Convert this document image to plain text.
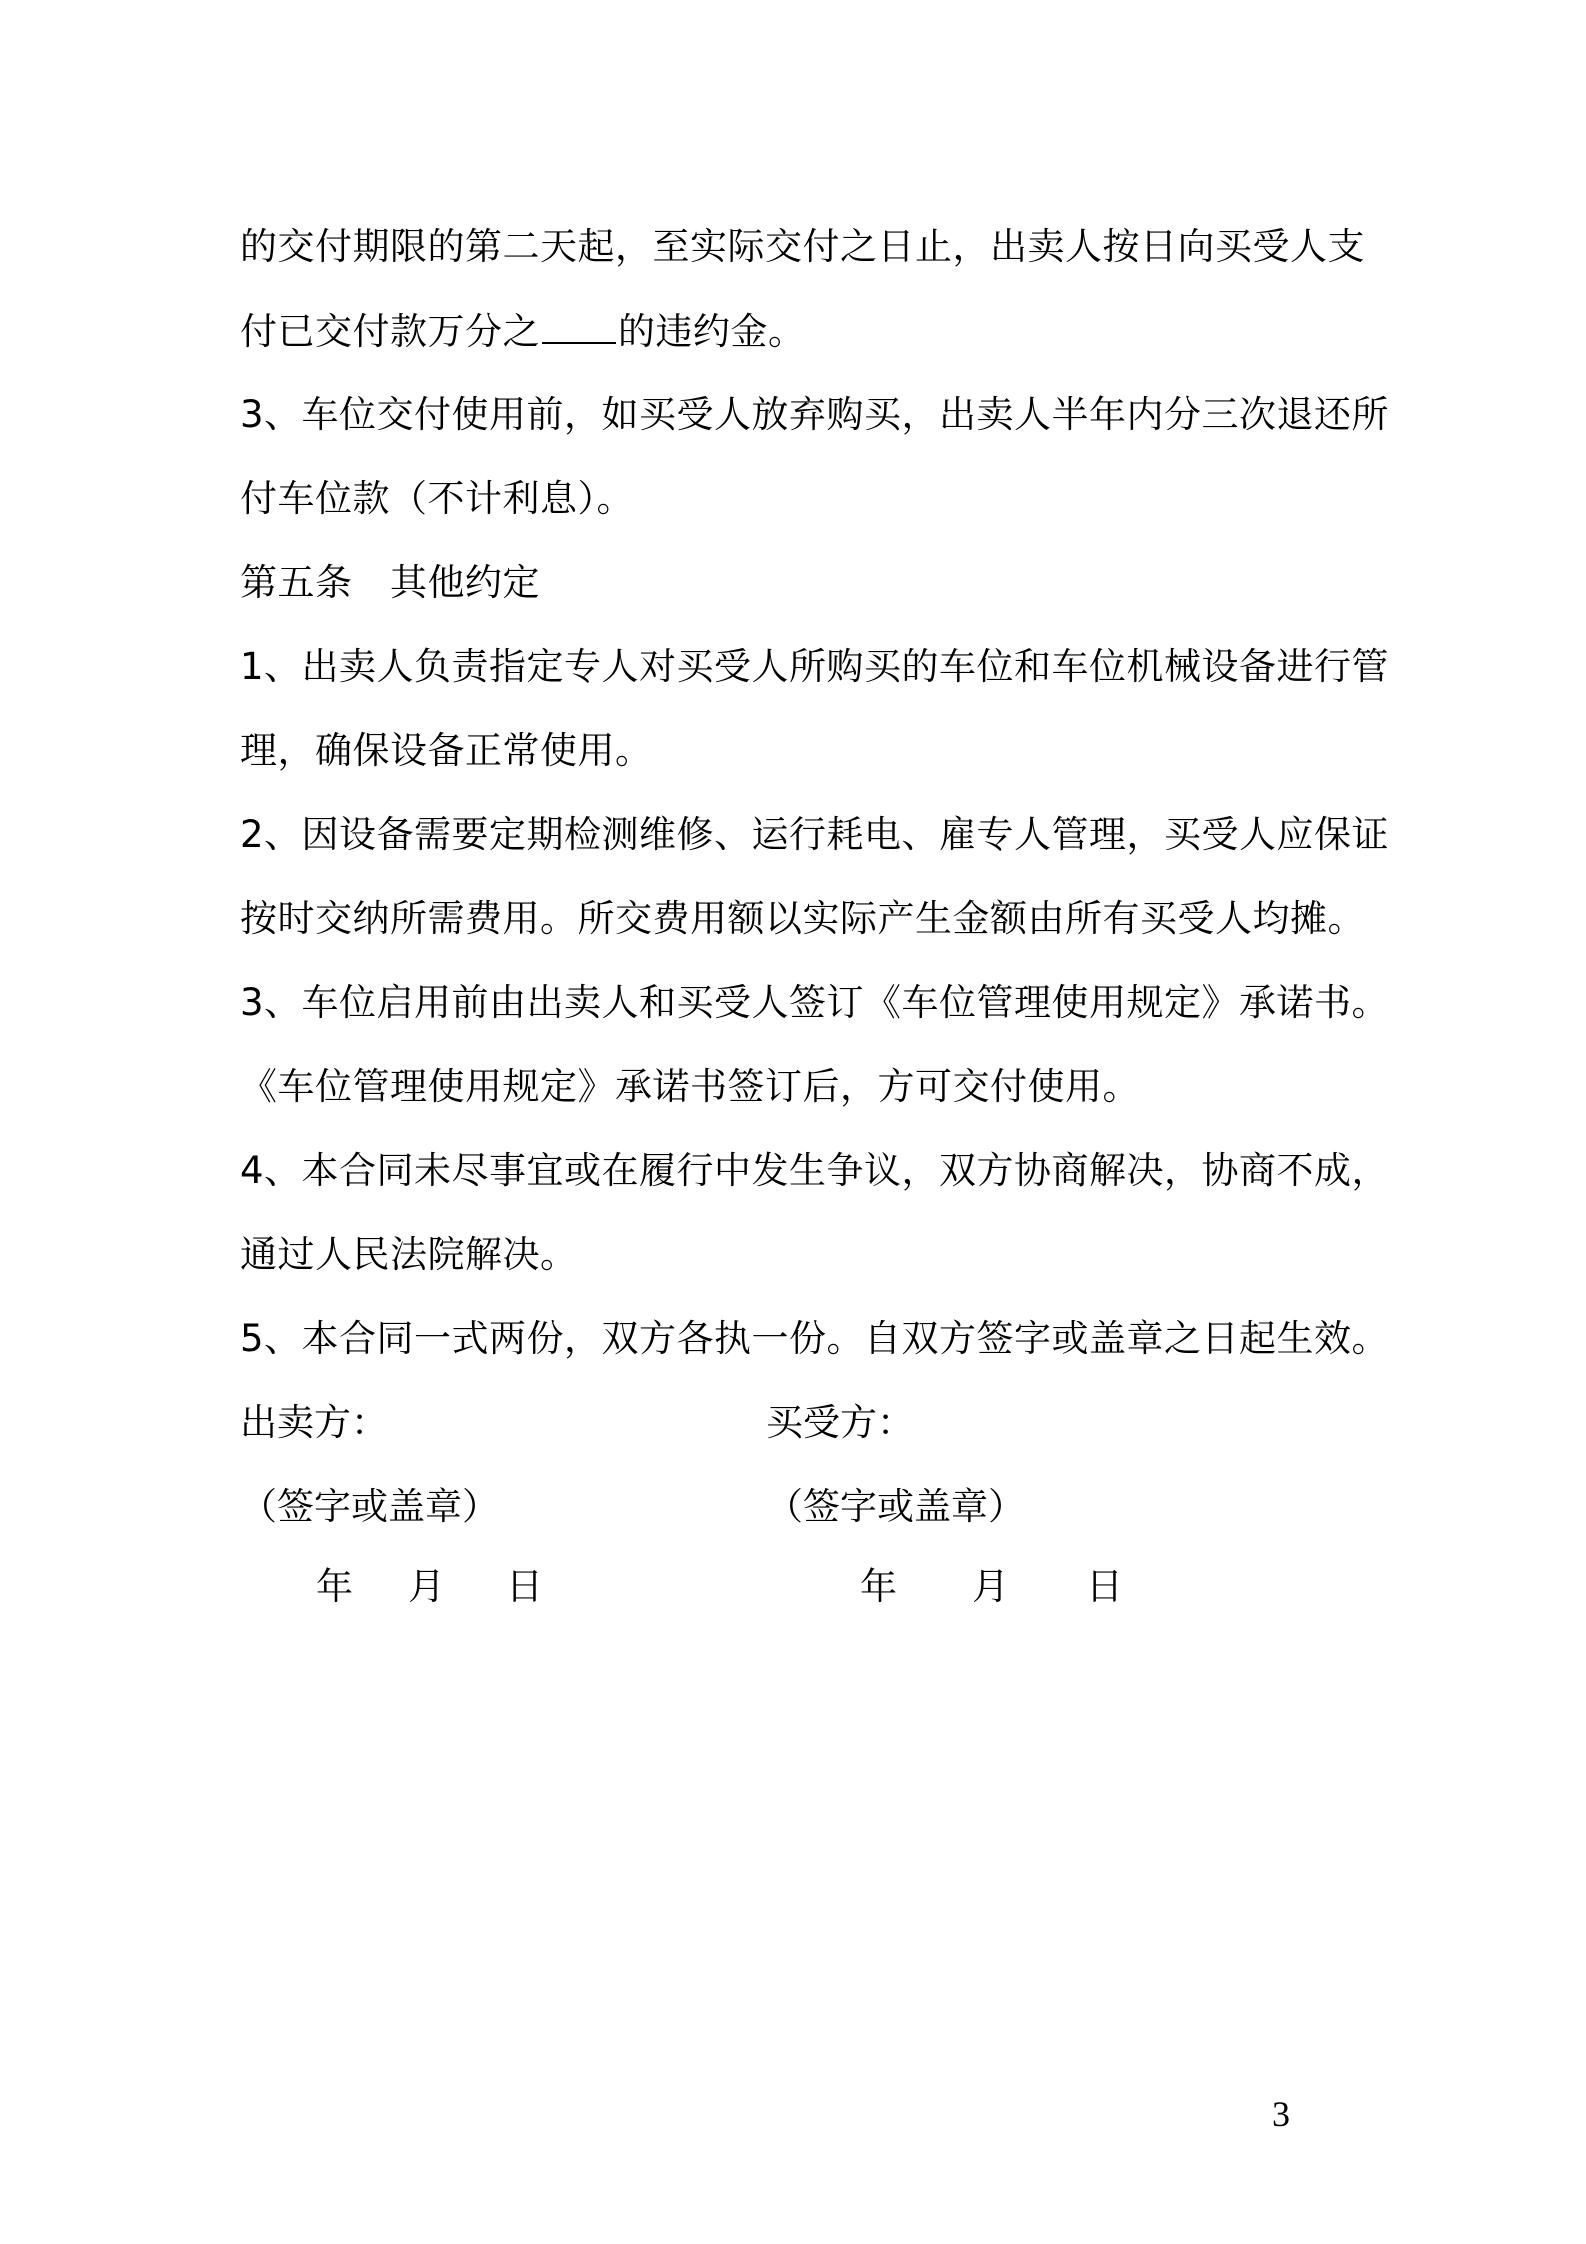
的交付期限的第二天起，至实际交付之日止，出卖人按日向买受人支
付已交付款万分之 的违约金。
3、车位交付使用前，如买受人放弃购买，出卖人半年内分三次退还所
付车位款（不计利息）。
第五条　其他约定
1、出卖人负责指定专人对买受人所购买的车位和车位机械设备进行管
理，确保设备正常使用。
2、因设备需要定期检测维修、运行耗电、雇专人管理，买受人应保证
按时交纳所需费用。所交费用额以实际产生金额由所有买受人均摊。
3、车位启用前由出卖人和买受人签订《车位管理使用规定》承诺书。
《车位管理使用规定》承诺书签订后，方可交付使用。
4、本合同未尽事宜或在履行中发生争议，双方协商解决，协商不成，
通过人民法院解决。
5、本合同一式两份，双方各执一份。自双方签字或盖章之日起生效。
出卖方：	买受方：
（签字或盖章）	（签字或盖章）
年 月 日	年 月 日
3
